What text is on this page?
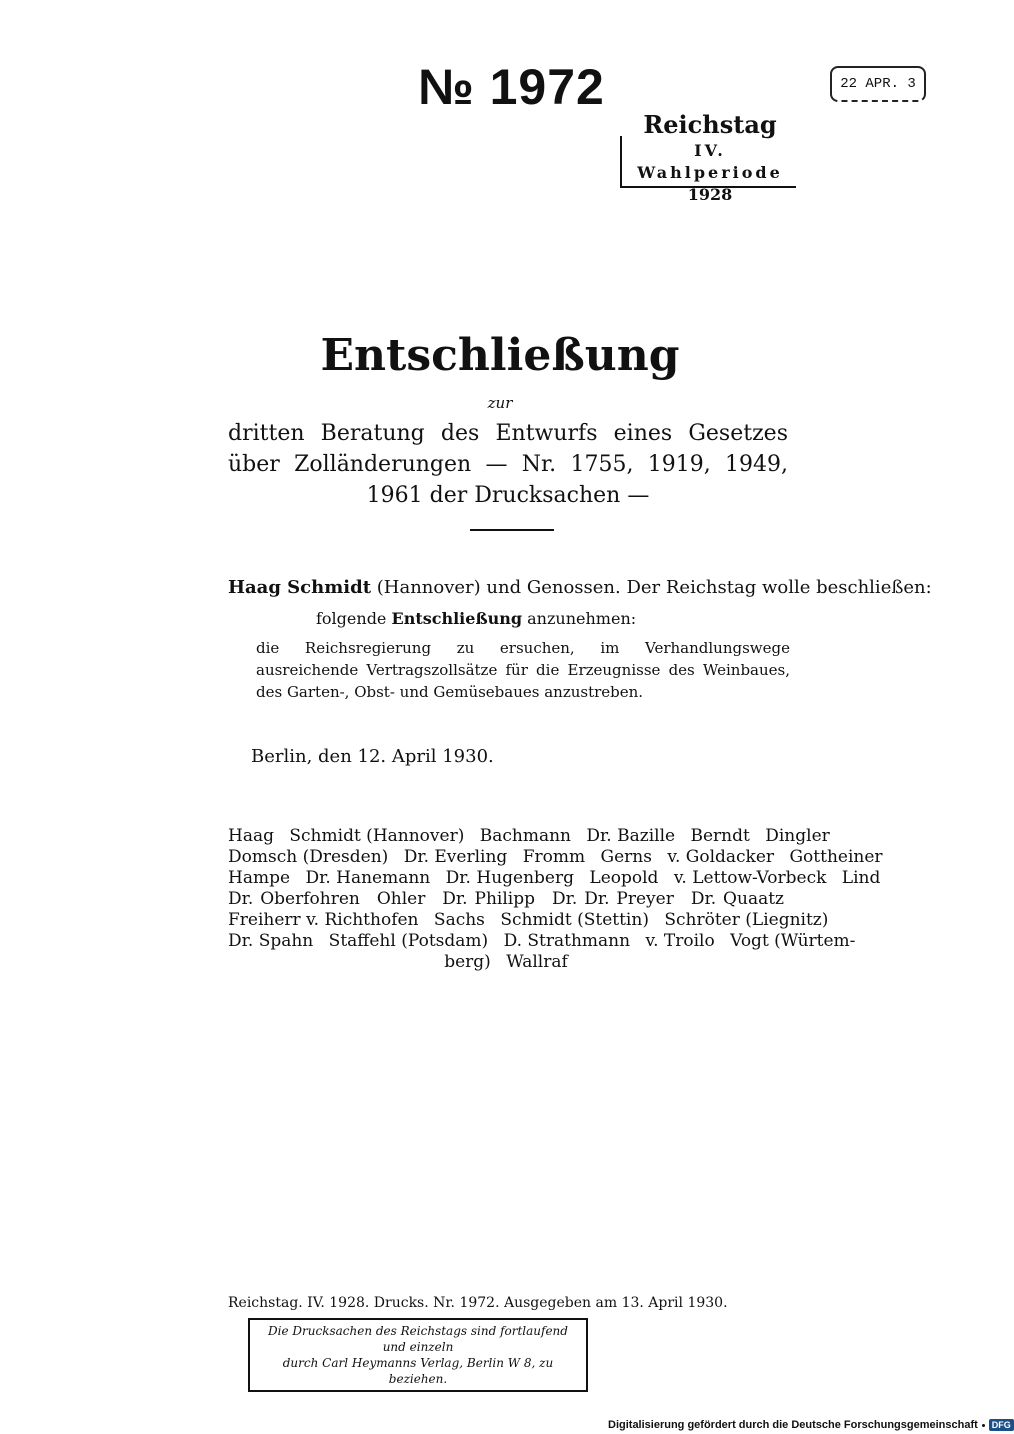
№ 1972	22 APR. 3
Reichstag
IV. Wahlperiode
1928
Entschließung
zur
dritten Beratung des Entwurfs eines Gesetzes über Zolländerungen — Nr. 1755, 1919, 1949, 1961 der Drucksachen —
Haag Schmidt (Hannover) und Genossen. Der Reichstag wolle beschließen:
folgende Entschließung anzunehmen:
die Reichsregierung zu ersuchen, im Verhandlungswege ausreichende Vertragszollsätze für die Erzeugnisse des Weinbaues, des Garten-, Obst- und Gemüsebaues anzustreben.
Berlin, den 12. April 1930.
Haag Schmidt (Hannover) Bachmann Dr. Bazille Berndt Dingler
Domsch (Dresden) Dr. Everling Fromm Gerns v. Goldacker Gottheiner
Hampe Dr. Hanemann Dr. Hugenberg Leopold v. Lettow-Vorbeck Lind
Dr. Oberfohren Ohler Dr. Philipp Dr. Dr. Preyer Dr. Quaatz
Freiherr v. Richthofen Sachs Schmidt (Stettin) Schröter (Liegnitz)
Dr. Spahn Staffehl (Potsdam) D. Strathmann v. Troilo Vogt (Würtem-
berg) Wallraf
Reichstag. IV. 1928. Drucks. Nr. 1972. Ausgegeben am 13. April 1930.
Die Drucksachen des Reichstags sind fortlaufend und einzeln
durch Carl Heymanns Verlag, Berlin W 8, zu beziehen.
Digitalisierung gefördert durch die Deutsche Forschungsgemeinschaft	DFG
